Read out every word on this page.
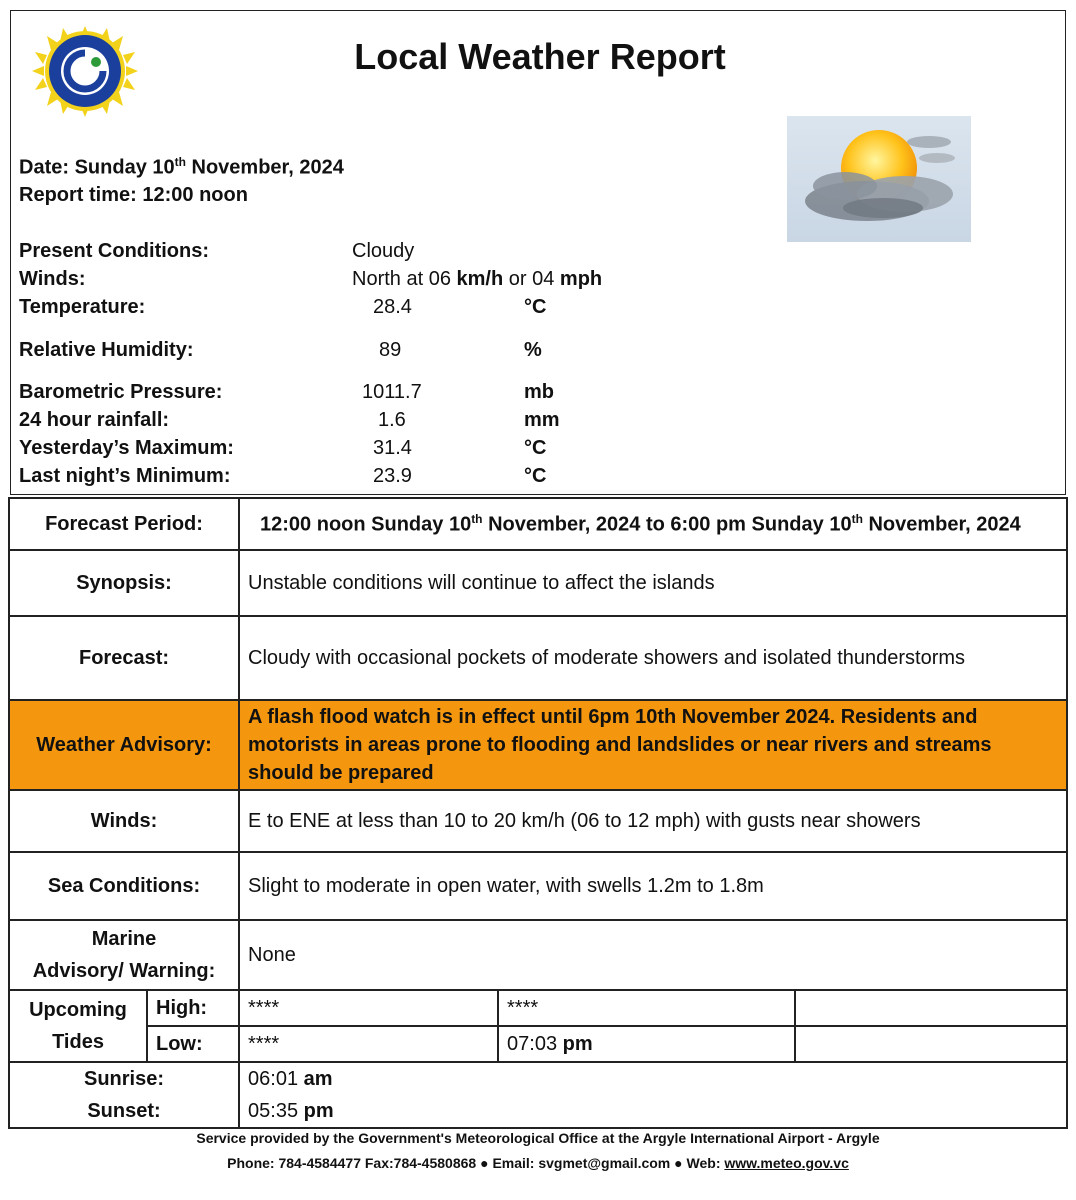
Local Weather Report
Date: Sunday 10th November, 2024
Report time: 12:00 noon
Present Conditions:	Cloudy
Winds:	North at 06 km/h or 04 mph
Temperature:	28.4	°C
Relative Humidity:	89	%
Barometric Pressure:	1011.7	mb
24 hour rainfall:	1.6	mm
Yesterday’s Maximum:	31.4	°C
Last night’s Minimum:	23.9	°C
Forecast Period:		12:00 noon Sunday 10th November, 2024 to 6:00 pm Sunday 10th November, 2024		
Synopsis:		Unstable conditions will continue to affect the islands		
Forecast:		Cloudy with occasional pockets of moderate showers and isolated thunderstorms		
Weather Advisory:		A flash flood watch is in effect until 6pm 10th November 2024. Residents and motorists in areas prone to flooding and landslides or near rivers and streams should be prepared		
Winds:		E to ENE at less than 10 to 20 km/h (06 to 12 mph) with gusts near showers		
Sea Conditions:		Slight to moderate in open water, with swells 1.2m to 1.8m		

Marine
Advisory/ Warning:		None		

Upcoming
Tides	High:	****	****	
	Low:	****	07:03 pm	
Sunrise:		06:01 am		
Sunset:		05:35 pm		
Service provided by the Government's Meteorological Office at the Argyle International Airport - Argyle
Phone: 784-4584477 Fax:784-4580868 ● Email: svgmet@gmail.com ● Web: www.meteo.gov.vc
